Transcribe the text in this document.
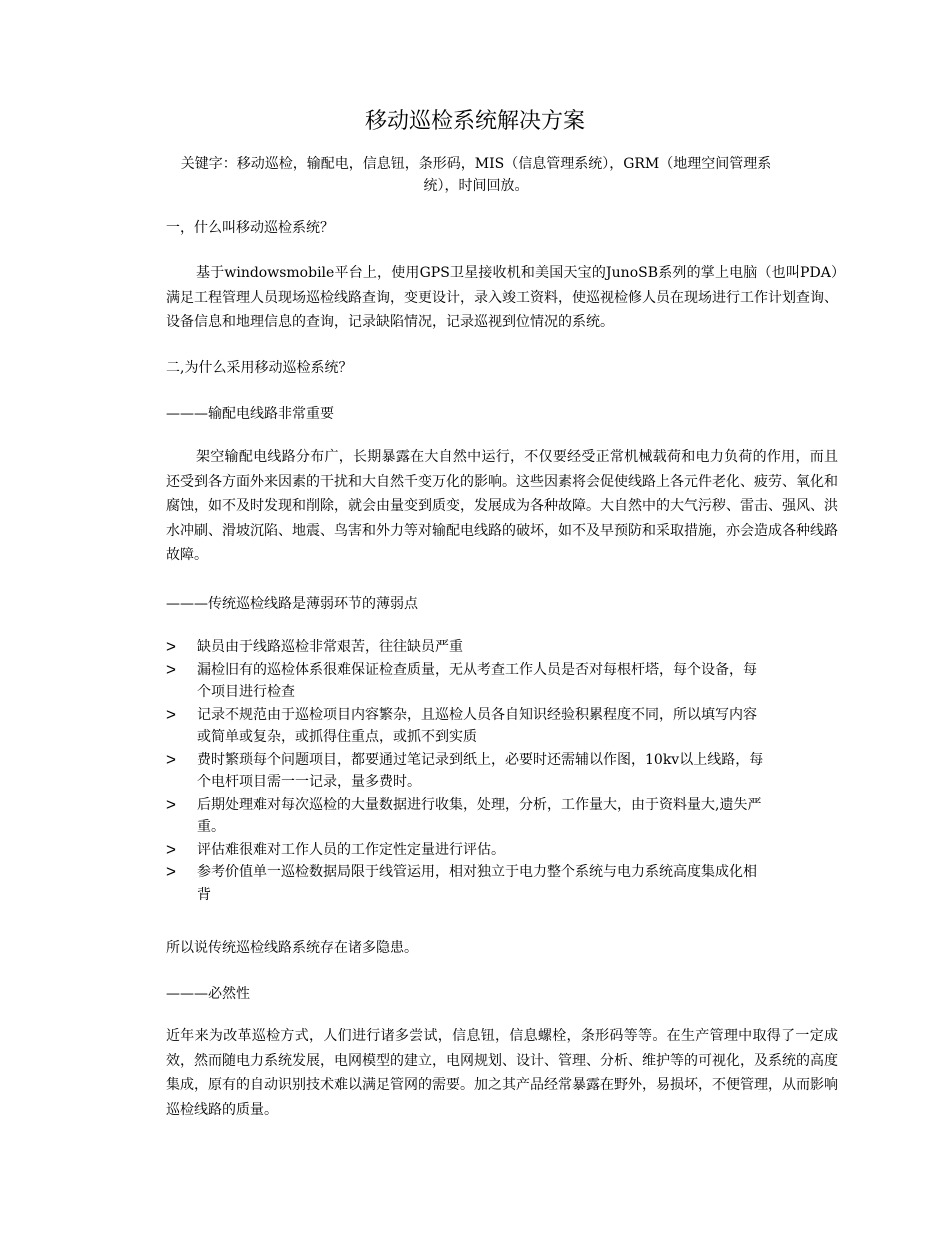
移动巡检系统解决方案
关键字：移动巡检，输配电，信息钮，条形码，MIS（信息管理系统），GRM（地理空间管理系统），时间回放。
一，什么叫移动巡检系统？
基于windowsmobile平台上，使用GPS卫星接收机和美国天宝的JunoSB系列的掌上电脑（也叫PDA）满足工程管理人员现场巡检线路查询，变更设计，录入竣工资料，使巡视检修人员在现场进行工作计划查询、设备信息和地理信息的查询，记录缺陷情况，记录巡视到位情况的系统。
二,为什么采用移动巡检系统？
———输配电线路非常重要
架空输配电线路分布广，长期暴露在大自然中运行，不仅要经受正常机械载荷和电力负荷的作用，而且还受到各方面外来因素的干扰和大自然千变万化的影响。这些因素将会促使线路上各元件老化、疲劳、氧化和腐蚀，如不及时发现和削除，就会由量变到质变，发展成为各种故障。大自然中的大气污秽、雷击、强风、洪水冲刷、滑坡沉陷、地震、鸟害和外力等对输配电线路的破坏，如不及早预防和采取措施，亦会造成各种线路故障。
———传统巡检线路是薄弱环节的薄弱点
> 缺员由于线路巡检非常艰苦，往往缺员严重
> 漏检旧有的巡检体系很难保证检查质量，无从考查工作人员是否对每根杆塔，每个设备，每个项目进行检查
> 记录不规范由于巡检项目内容繁杂，且巡检人员各自知识经验积累程度不同，所以填写内容或简单或复杂，或抓得住重点，或抓不到实质
> 费时繁琐每个问题项目，都要通过笔记录到纸上，必要时还需辅以作图，10kv以上线路，每个电杆项目需一一记录，量多费时。
> 后期处理难对每次巡检的大量数据进行收集，处理，分析，工作量大，由于资料量大,遗失严重。
> 评估难很难对工作人员的工作定性定量进行评估。
> 参考价值单一巡检数据局限于线管运用，相对独立于电力整个系统与电力系统高度集成化相背
所以说传统巡检线路系统存在诸多隐患。
———必然性
近年来为改革巡检方式，人们进行诸多尝试，信息钮，信息螺栓，条形码等等。在生产管理中取得了一定成效，然而随电力系统发展，电网模型的建立，电网规划、设计、管理、分析、维护等的可视化，及系统的高度集成，原有的自动识别技术难以满足管网的需要。加之其产品经常暴露在野外，易损坏，不便管理，从而影响巡检线路的质量。
